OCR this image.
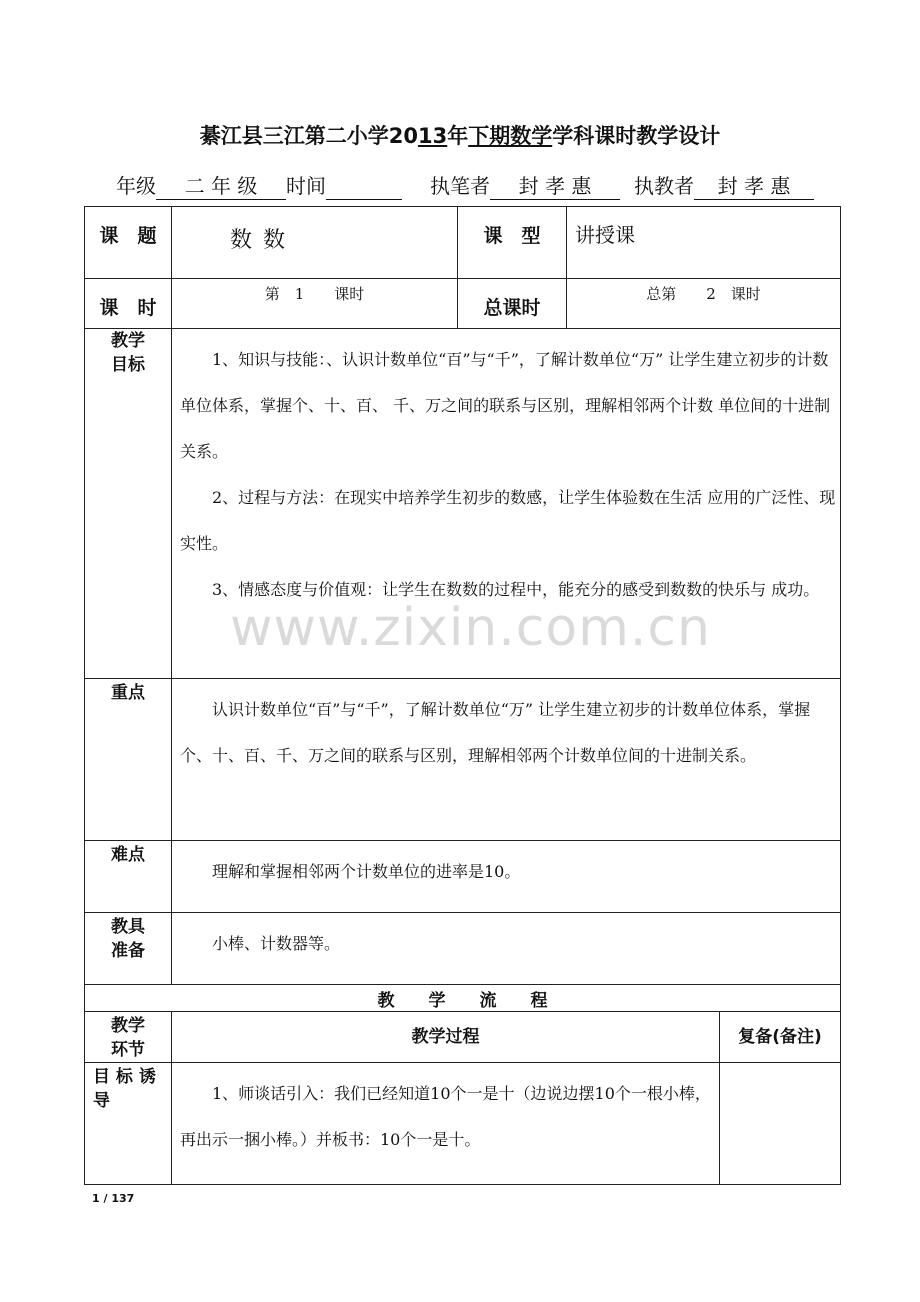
綦江县三江第二小学2013年下期数学学科课时教学设计
年级 二 年 级 时间	执笔者 封 孝 惠 执教者 封 孝 惠
课　题	数 数	课　型	讲授课	
课　时	第　1　　课时	总课时	总第　　2　课时	
教学目标	1、知识与技能：、认识计数单位“百”与“千”，了解计数单位“万” 让学生建立初步的计数单位体系，掌握个、十、百、 千、万之间的联系与区别，理解相邻两个计数 单位间的十进制关系。

2、过程与方法：在现实中培养学生初步的数感，让学生体验数在生活 应用的广泛性、现实性。

3、情感态度与价值观：让学生在数数的过程中，能充分的感受到数数的快乐与 成功。			

重点	认识计数单位“百”与“千”，了解计数单位“万” 让学生建立初步的计数单位体系，掌握个、十、百、千、万之间的联系与区别，理解相邻两个计数单位间的十进制关系。			

难点	理解和掌握相邻两个计数单位的进率是10。			

教具准备	小棒、计数器等。			

教　　学　　流　　程				
教学环节	教学过程			复备(备注)
目 标 诱导	1、师谈话引入：我们已经知道10个一是十（边说边摆10个一根小棒， 再出示一捆小棒。）并板书：10个一是十。			

www.zixin.com.cn
1 / 137
